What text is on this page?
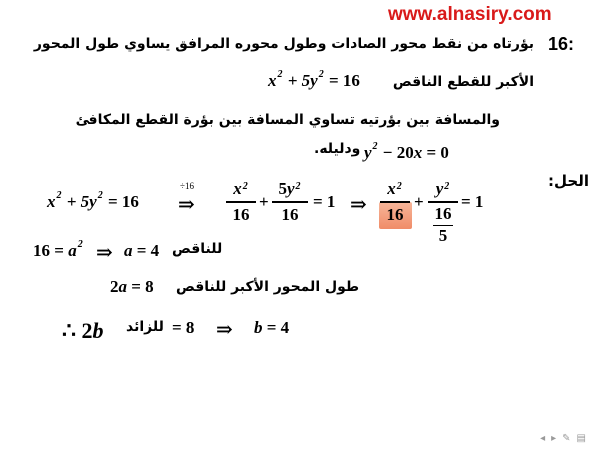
www.alnasiry.com
16:
بؤرتاه من نقط محور الصادات وطول محوره المرافق يساوي طول المحور
الأكبر للقطع الناقص
$x^2 + 5y^2 = 16$
والمسافة بين بؤرتيه تساوي المسافة بين بؤرة القطع المكافئ
ودليله. $y^2 - 20x = 0$
الحل:
$x^2 + 5y^2 = 16$
÷16
⇒
$x^2$
16
+
$5y^2$
16
= 1 ⇒
$x^2$
16
+
$y^2$
16
5
= 1
$16 = a^2$ ⇒ a = 4 للناقص
طول المحور الأكبر للناقص
2a = 8
∴ 2b للزائد = 8 ⇒ b = 4
◂▸✎▤
